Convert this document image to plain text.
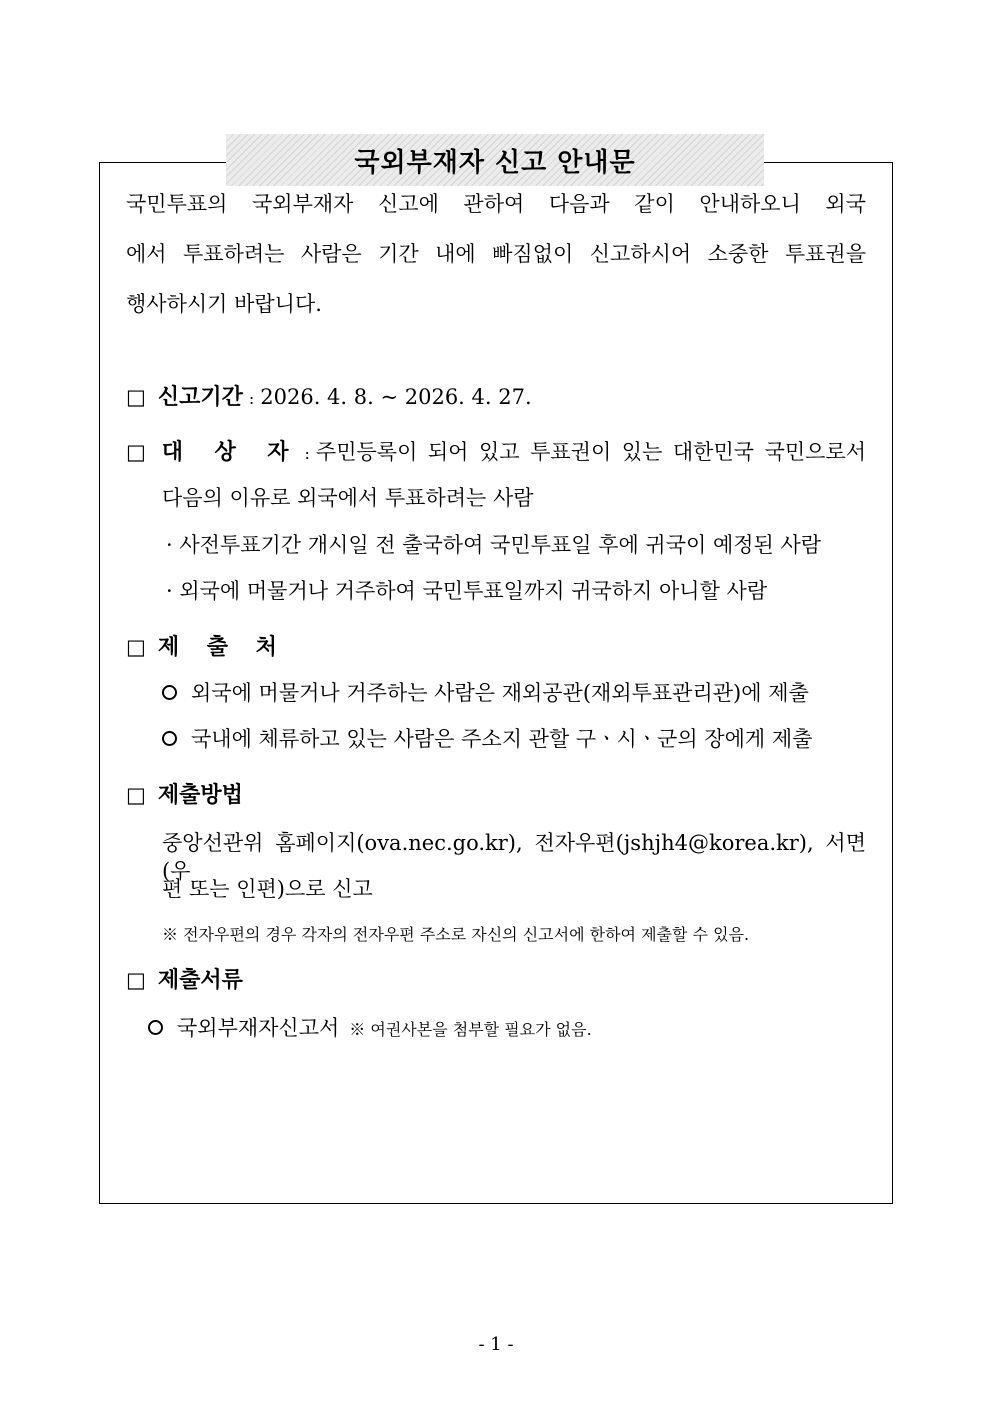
국외부재자 신고 안내문
국민투표의 국외부재자 신고에 관하여 다음과 같이 안내하오니 외국
에서 투표하려는 사람은 기간 내에 빠짐없이 신고하시어 소중한 투표권을
행사하시기 바랍니다.
□ 신고기간 : 2026. 4. 8. ~ 2026. 4. 27.
□ 대 상 자 : 주민등록이 되어 있고 투표권이 있는 대한민국 국민으로서
다음의 이유로 외국에서 투표하려는 사람
· 사전투표기간 개시일 전 출국하여 국민투표일 후에 귀국이 예정된 사람
· 외국에 머물거나 거주하여 국민투표일까지 귀국하지 아니할 사람
□ 제 출 처
외국에 머물거나 거주하는 사람은 재외공관(재외투표관리관)에 제출
국내에 체류하고 있는 사람은 주소지 관할 구ㆍ시ㆍ군의 장에게 제출
□ 제출방법
중앙선관위 홈페이지(ova.nec.go.kr), 전자우편(jshjh4@korea.kr), 서면(우
편 또는 인편)으로 신고
※ 전자우편의 경우 각자의 전자우편 주소로 자신의 신고서에 한하여 제출할 수 있음.
□ 제출서류
국외부재자신고서 ※ 여권사본을 첨부할 필요가 없음.
- 1 -
